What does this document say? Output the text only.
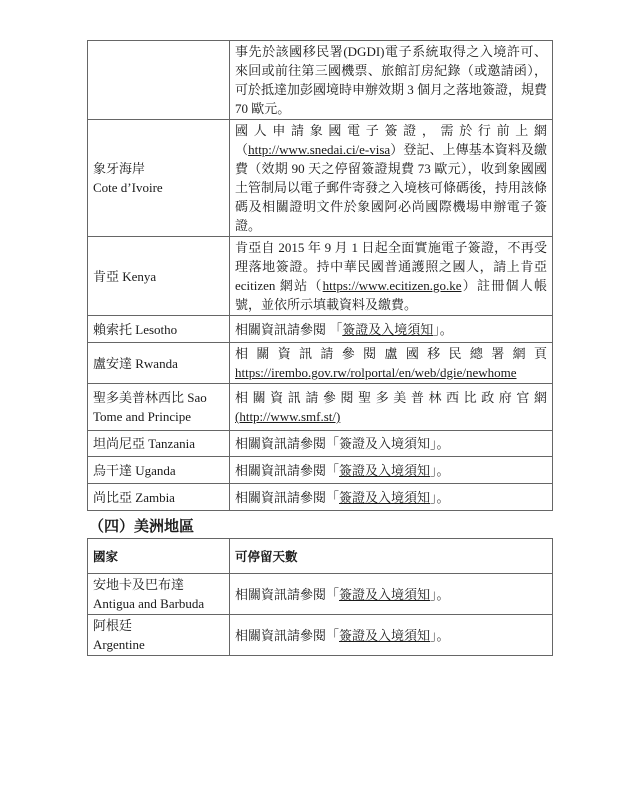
	事先於該國移民署(DGDI)電子系統取得之入境許可、來回或前往第三國機票、旅館訂房紀錄（或邀請函），可於抵達加彭國境時申辦效期 3 個月之落地簽證，規費 70 歐元。

象牙海岸
Cote d’Ivoire	國人申請象國電子簽證，需於行前上網（http://www.snedai.ci/e-visa）登記、上傳基本資料及繳費（效期 90 天之停留簽證規費 73 歐元），收到象國國土管制局以電子郵件寄發之入境核可條碼後，持用該條碼及相關證明文件於象國阿必尚國際機場申辦電子簽證。

肯亞 Kenya	肯亞自 2015 年 9 月 1 日起全面實施電子簽證，不再受理落地簽證。持中華民國普通護照之國人，請上肯亞 ecitizen 網站（https://www.ecitizen.go.ke）註冊個人帳號，並依所示填載資料及繳費。

賴索托 Lesotho	相關資訊請參閱 「簽證及入境須知」。

盧安達 Rwanda	相關資訊請參閱盧國移民總署網頁 https://irembo.gov.rw/rolportal/en/web/dgie/newhome

聖多美普林西比 Sao Tome and Principe	相關資訊請參閱聖多美普林西比政府官網 (http://www.smf.st/)

坦尚尼亞 Tanzania	相關資訊請參閱「簽證及入境須知」。

烏干達 Uganda	相關資訊請參閱「簽證及入境須知」。

尚比亞 Zambia	相關資訊請參閱「簽證及入境須知」。
（四）美洲地區
國家	可停留天數

安地卡及巴布達
Antigua and Barbuda	相關資訊請參閱「簽證及入境須知」。

阿根廷
Argentine	相關資訊請參閱「簽證及入境須知」。
